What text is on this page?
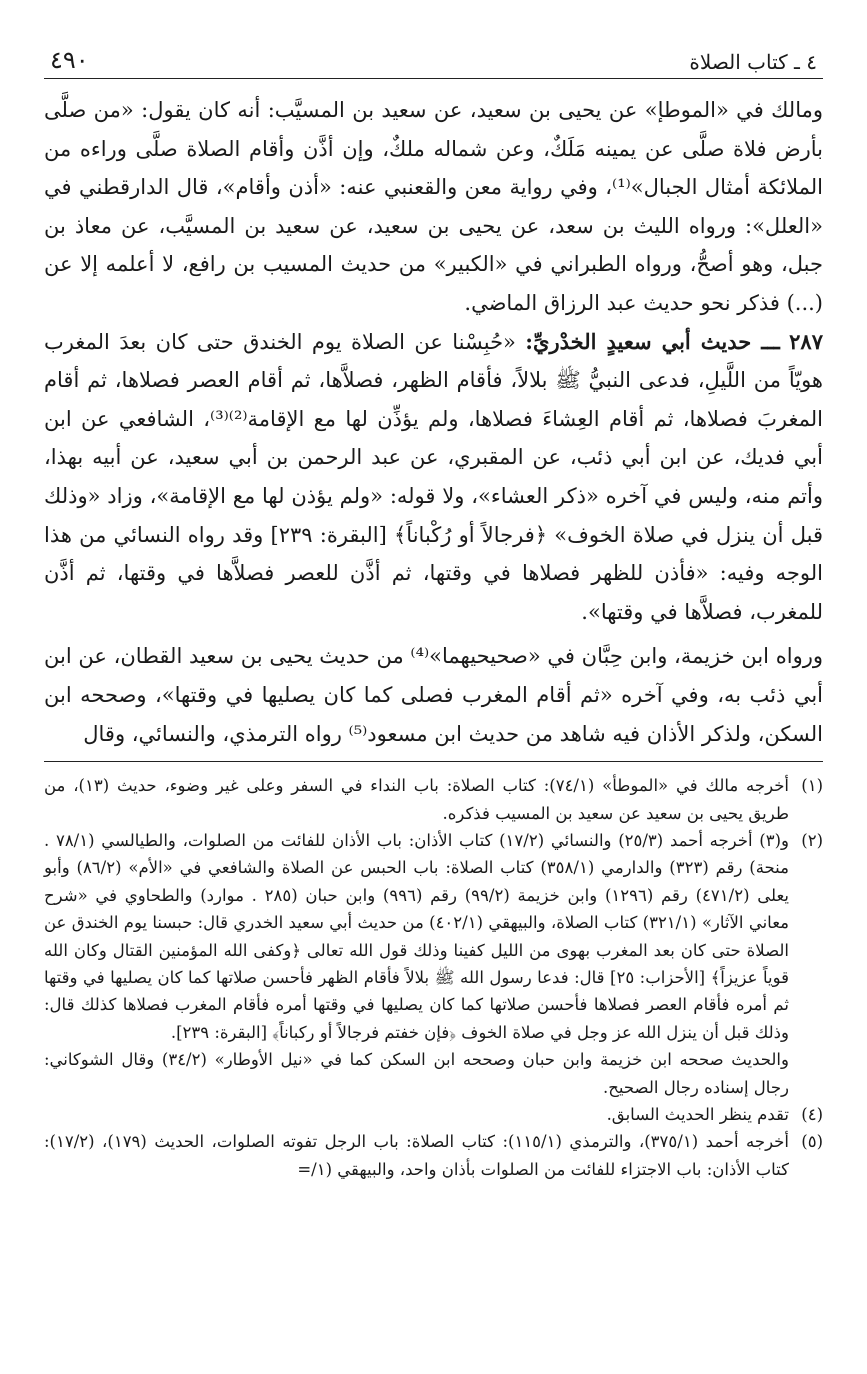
٤ ـ كتاب الصلاة
٤٩٠

ومالك في «الموطإ» عن يحيى بن سعيد، عن سعيد بن المسيَّب: أنه كان يقول: «من صلَّى بأرض فلاة صلَّى عن يمينه مَلَكٌ، وعن شماله ملكٌ، وإن أذَّن وأقام الصلاة صلَّى وراءه من الملائكة أمثال الجبال»⁽¹⁾، وفي رواية معن والقعنبي عنه: «أذن وأقام»، قال الدارقطني في «العلل»: ورواه الليث بن سعد، عن يحيى بن سعيد، عن سعيد بن المسيَّب، عن معاذ بن جبل، وهو أصحُّ، ورواه الطبراني في «الكبير» من حديث المسيب بن رافع، لا أعلمه إلا عن (...) فذكر نحو حديث عبد الرزاق الماضي.

٢٨٧ ـــ حديث أبي سعيدٍ الخدْريِّ: «حُبِسْنا عن الصلاة يوم الخندق حتى كان بعدَ المغرب هويّاً من اللَّيلِ، فدعى النبيُّ ﷺ بلالاً، فأقام الظهر، فصلاَّها، ثم أقام العصر فصلاها، ثم أقام المغربَ فصلاها، ثم أقام العِشاءَ فصلاها، ولم يؤذِّن لها مع الإقامة⁽²⁾⁽³⁾، الشافعي عن ابن أبي فديك، عن ابن أبي ذئب، عن المقبري، عن عبد الرحمن بن أبي سعيد، عن أبيه بهذا، وأتم منه، وليس في آخره «ذكر العشاء»، ولا قوله: «ولم يؤذن لها مع الإقامة»، وزاد «وذلك قبل أن ينزل في صلاة الخوف» ﴿فرجالاً أو رُكْباناً﴾ [البقرة: ٢٣٩] وقد رواه النسائي من هذا الوجه وفيه: «فأذن للظهر فصلاها في وقتها، ثم أذَّن للعصر فصلاَّها في وقتها، ثم أذَّن للمغرب، فصلاَّها في وقتها».

ورواه ابن خزيمة، وابن حِبَّان في «صحيحيهما»⁽⁴⁾ من حديث يحيى بن سعيد القطان، عن ابن أبي ذئب به، وفي آخره «ثم أقام المغرب فصلى كما كان يصليها في وقتها»، وصححه ابن السكن، ولذكر الأذان فيه شاهد من حديث ابن مسعود⁽⁵⁾ رواه الترمذي، والنسائي، وقال

(١)
أخرجه مالك في «الموطأ» (٧٤/١): كتاب الصلاة: باب النداء في السفر وعلى غير وضوء، حديث (١٣)، من طريق يحيى بن سعيد عن سعيد بن المسيب فذكره.
(٢)
و(٣) أخرجه أحمد (٢٥/٣) والنسائي (١٧/٢) كتاب الأذان: باب الأذان للفائت من الصلوات، والطيالسي (٧٨/١ . منحة) رقم (٣٢٣) والدارمي (٣٥٨/١) كتاب الصلاة: باب الحبس عن الصلاة والشافعي في «الأم» (٨٦/٢) وأبو يعلى (٤٧١/٢) رقم (١٢٩٦) وابن خزيمة (٩٩/٢) رقم (٩٩٦) وابن حبان (٢٨٥ . موارد) والطحاوي في «شرح معاني الآثار» (٣٢١/١) كتاب الصلاة، والبيهقي (٤٠٢/١) من حديث أبي سعيد الخدري قال: حبسنا يوم الخندق عن الصلاة حتى كان بعد المغرب بهوى من الليل كفينا وذلك قول الله تعالى ﴿وكفى الله المؤمنين القتال وكان الله قوياً عزيزاً﴾ [الأحزاب: ٢٥] قال: فدعا رسول الله ﷺ بلالاً فأقام الظهر فأحسن صلاتها كما كان يصليها في وقتها ثم أمره فأقام العصر فصلاها فأحسن صلاتها كما كان يصليها في وقتها أمره فأقام المغرب فصلاها كذلك قال: وذلك قبل أن ينزل الله عز وجل في صلاة الخوف ﴿فإن خفتم فرجالاً أو ركباناً﴾ [البقرة: ٢٣٩].

والحديث صححه ابن خزيمة وابن حبان وصححه ابن السكن كما في «نيل الأوطار» (٣٤/٢) وقال الشوكاني: رجال إسناده رجال الصحيح.

(٤)
تقدم ينظر الحديث السابق.
(٥)
أخرجه أحمد (٣٧٥/١)، والترمذي (١١٥/١): كتاب الصلاة: باب الرجل تفوته الصلوات، الحديث (١٧٩)، (١٧/٢): كتاب الأذان: باب الاجتزاء للفائت من الصلوات بأذان واحد، والبيهقي (١/=
